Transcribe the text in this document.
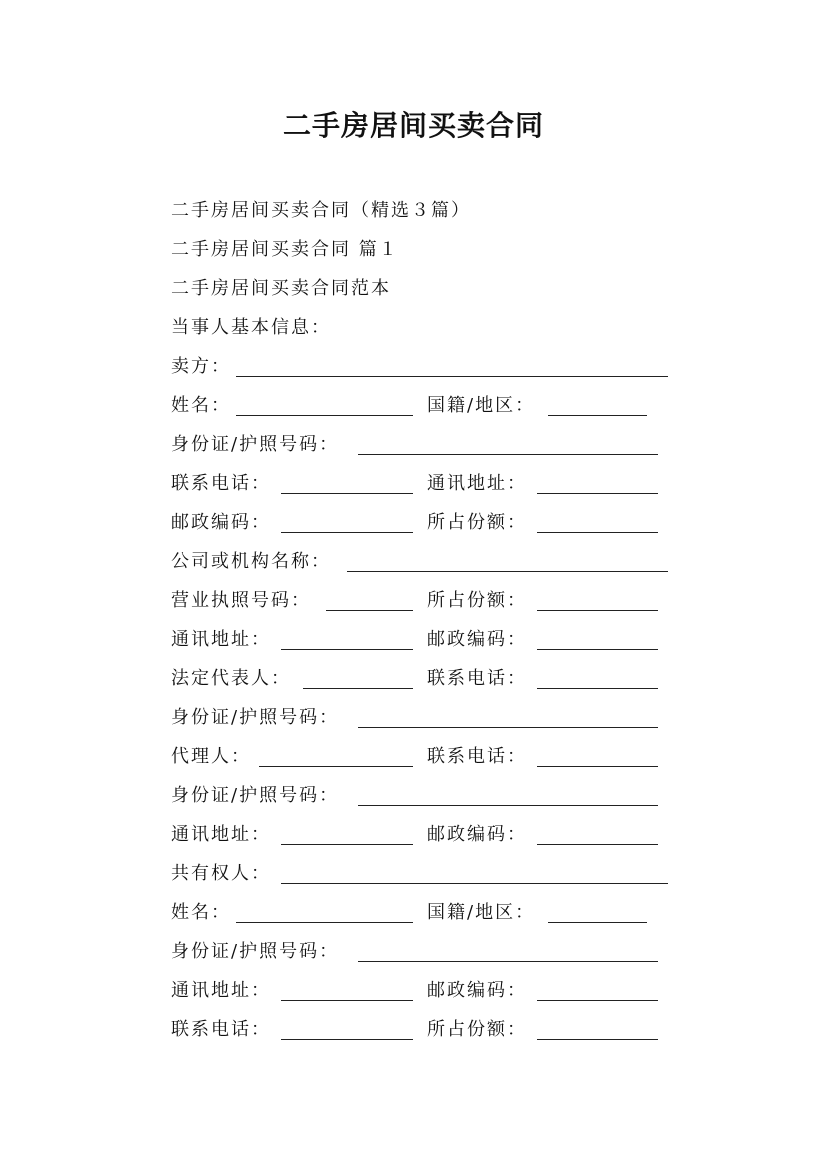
二手房居间买卖合同
二手房居间买卖合同（精选３篇）
二手房居间买卖合同 篇１
二手房居间买卖合同范本
当事人基本信息：
卖方：
姓名：	国籍/地区：
身份证/护照号码：
联系电话：	通讯地址：
邮政编码：	所占份额：
公司或机构名称：
营业执照号码：	所占份额：
通讯地址：	邮政编码：
法定代表人：	联系电话：
身份证/护照号码：
代理人：	联系电话：
身份证/护照号码：
通讯地址：	邮政编码：
共有权人：
姓名：	国籍/地区：
身份证/护照号码：
通讯地址：	邮政编码：
联系电话：	所占份额：
